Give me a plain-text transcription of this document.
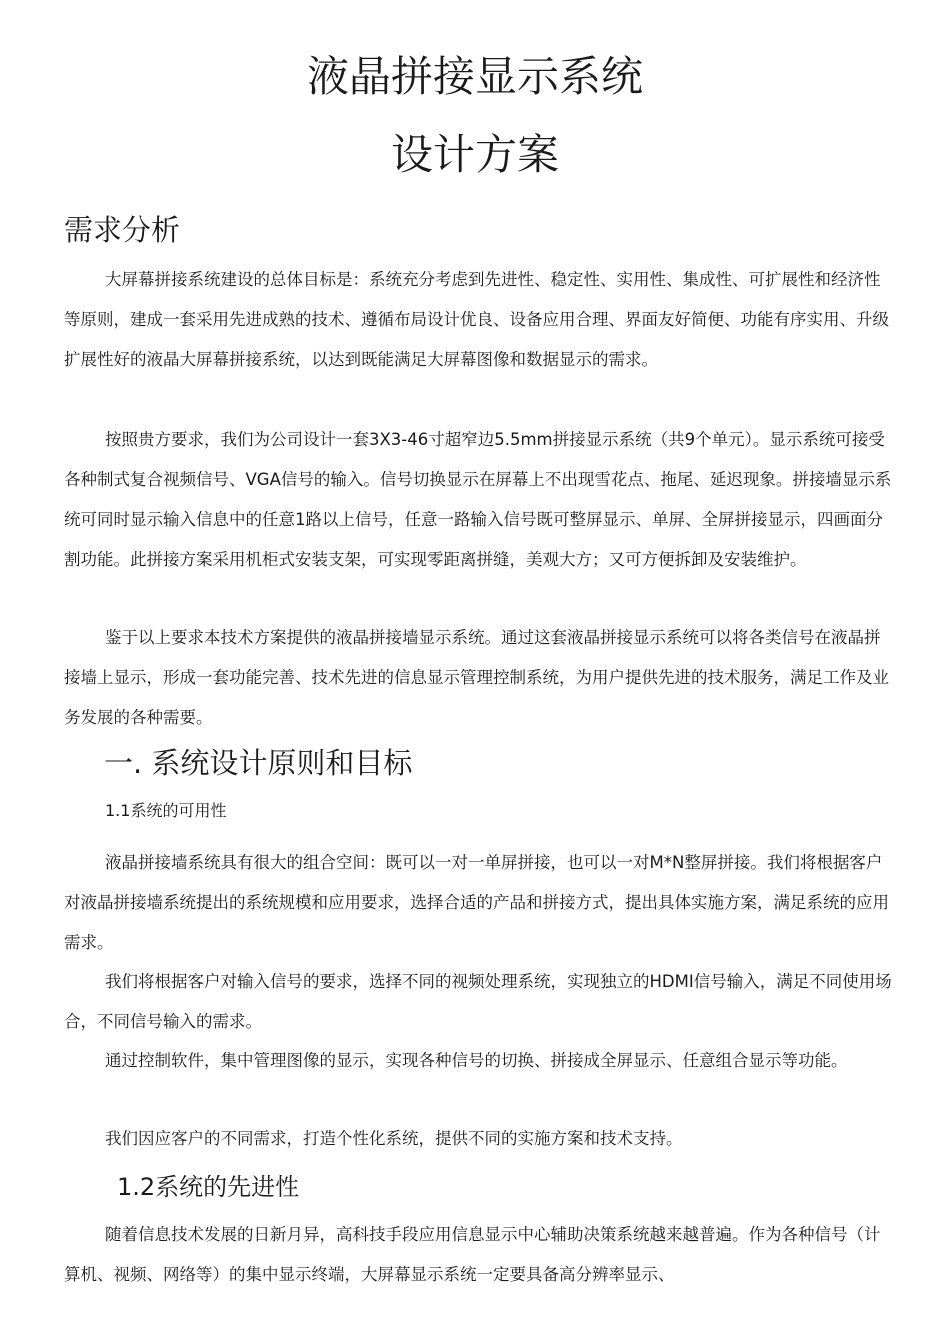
液晶拼接显示系统
设计方案
需求分析

大屏幕拼接系统建设的总体目标是：系统充分考虑到先进性、稳定性、实用性、集成性、可扩展性和经济性等原则，建成一套采用先进成熟的技术、遵循布局设计优良、设备应用合理、界面友好简便、功能有序实用、升级扩展性好的液晶大屏幕拼接系统，以达到既能满足大屏幕图像和数据显示的需求。

按照贵方要求，我们为公司设计一套3X3-46寸超窄边5.5mm拼接显示系统（共9个单元）。显示系统可接受各种制式复合视频信号、VGA信号的输入。信号切换显示在屏幕上不出现雪花点、拖尾、延迟现象。拼接墙显示系统可同时显示输入信息中的任意1路以上信号，任意一路输入信号既可整屏显示、单屏、全屏拼接显示，四画面分割功能。此拼接方案采用机柜式安装支架，可实现零距离拼缝，美观大方；又可方便拆卸及安装维护。

鉴于以上要求本技术方案提供的液晶拼接墙显示系统。通过这套液晶拼接显示系统可以将各类信号在液晶拼接墙上显示，形成一套功能完善、技术先进的信息显示管理控制系统，为用户提供先进的技术服务，满足工作及业务发展的各种需要。

一. 系统设计原则和目标
1.1系统的可用性

液晶拼接墙系统具有很大的组合空间：既可以一对一单屏拼接，也可以一对M*N整屏拼接。我们将根据客户对液晶拼接墙系统提出的系统规模和应用要求，选择合适的产品和拼接方式，提出具体实施方案，满足系统的应用需求。

我们将根据客户对输入信号的要求，选择不同的视频处理系统，实现独立的HDMI信号输入，满足不同使用场合，不同信号输入的需求。

通过控制软件，集中管理图像的显示，实现各种信号的切换、拼接成全屏显示、任意组合显示等功能。

我们因应客户的不同需求，打造个性化系统，提供不同的实施方案和技术支持。

1.2系统的先进性

随着信息技术发展的日新月异，高科技手段应用信息显示中心辅助决策系统越来越普遍。作为各种信号（计算机、视频、网络等）的集中显示终端，大屏幕显示系统一定要具备高分辨率显示、
